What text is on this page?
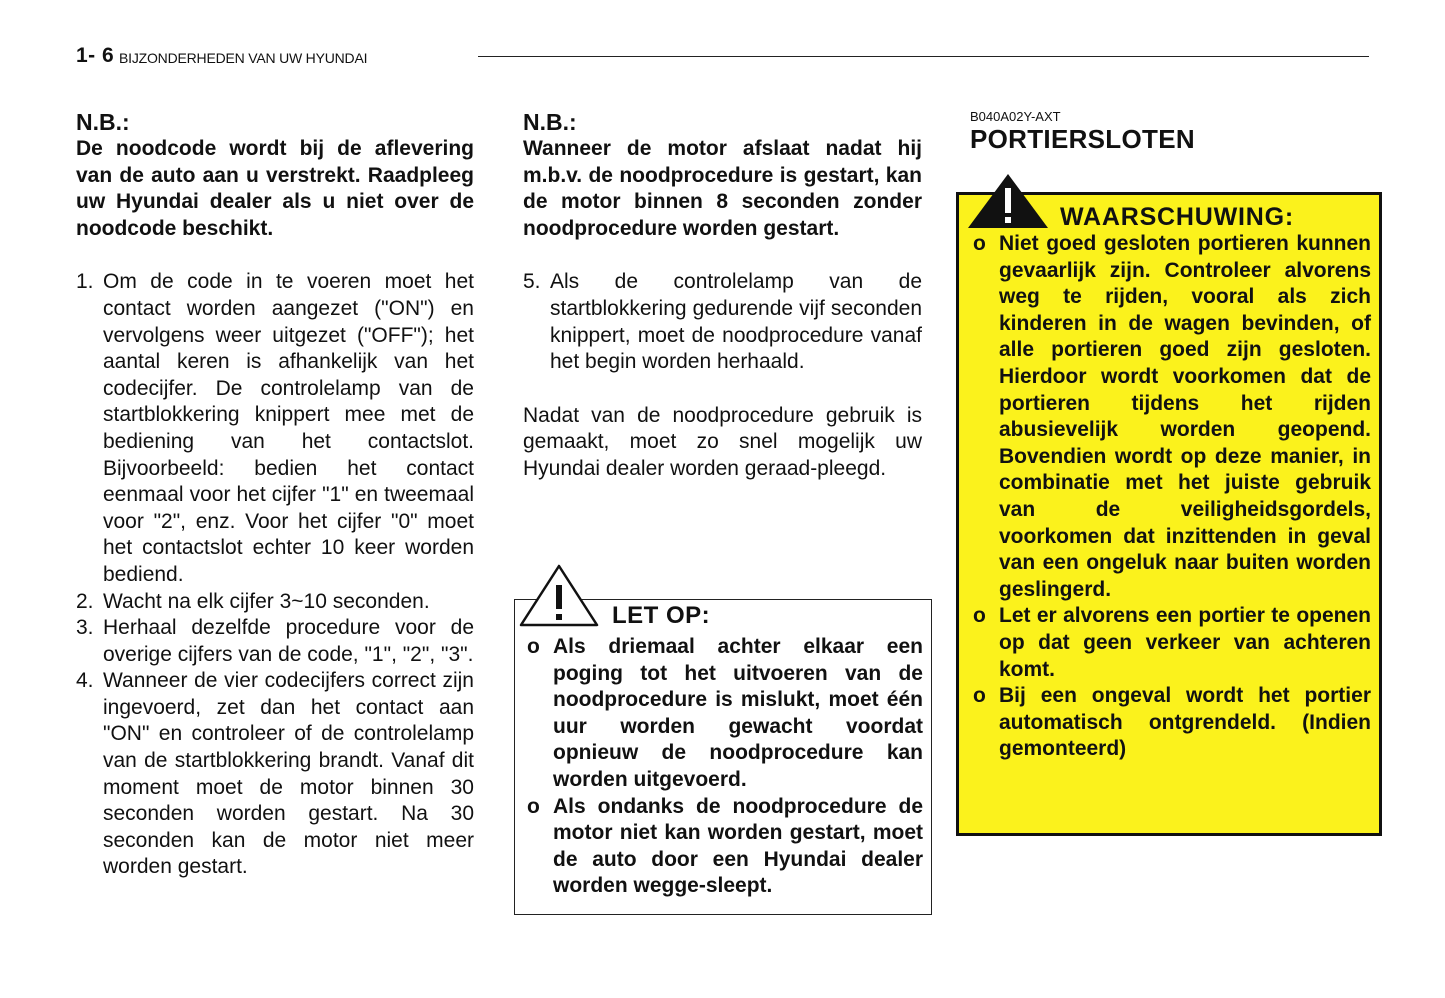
1- 6 BIJZONDERHEDEN VAN UW HYUNDAI

N.B.:

De noodcode wordt bij de aflevering van de auto aan u verstrekt. Raadpleeg uw Hyundai dealer als u niet over de noodcode beschikt.

1. Om de code in te voeren moet het contact worden aangezet ("ON") en vervolgens weer uitgezet ("OFF"); het aantal keren is afhankelijk van het codecijfer. De controlelamp van de startblokkering knippert mee met de bediening van het contactslot. Bijvoorbeeld: bedien het contact eenmaal voor het cijfer "1" en tweemaal voor "2", enz. Voor het cijfer "0" moet het contactslot echter 10 keer worden bediend.
2. Wacht na elk cijfer 3~10 seconden.
3. Herhaal dezelfde procedure voor de overige cijfers van de code, "1", "2", "3".
4. Wanneer de vier codecijfers correct zijn ingevoerd, zet dan het contact aan "ON" en controleer of de controlelamp van de startblokkering brandt. Vanaf dit moment moet de motor binnen 30 seconden worden gestart. Na 30 seconden kan de motor niet meer worden gestart.

N.B.:

Wanneer de motor afslaat nadat hij m.b.v. de noodprocedure is gestart, kan de motor binnen 8 seconden zonder noodprocedure worden gestart.

5. Als de controlelamp van de startblokkering gedurende vijf seconden knippert, moet de noodprocedure vanaf het begin worden herhaald.

Nadat van de noodprocedure gebruik is gemaakt, moet zo snel mogelijk uw Hyundai dealer worden geraad-pleegd.

LET OP:
o Als driemaal achter elkaar een poging tot het uitvoeren van de noodprocedure is mislukt, moet één uur worden gewacht voordat opnieuw de noodprocedure kan worden uitgevoerd.
o Als ondanks de noodprocedure de motor niet kan worden gestart, moet de auto door een Hyundai dealer worden wegge-sleept.
B040A02Y-AXT
PORTIERSLOTEN
WAARSCHUWING:
o Niet goed gesloten portieren kunnen gevaarlijk zijn. Controleer alvorens weg te rijden, vooral als zich kinderen in de wagen bevinden, of alle portieren goed zijn gesloten. Hierdoor wordt voorkomen dat de portieren tijdens het rijden abusievelijk worden geopend. Bovendien wordt op deze manier, in combinatie met het juiste gebruik van de veiligheidsgordels, voorkomen dat inzittenden in geval van een ongeluk naar buiten worden geslingerd.
o Let er alvorens een portier te openen op dat geen verkeer van achteren komt.
o Bij een ongeval wordt het portier automatisch ontgrendeld. (Indien gemonteerd)
